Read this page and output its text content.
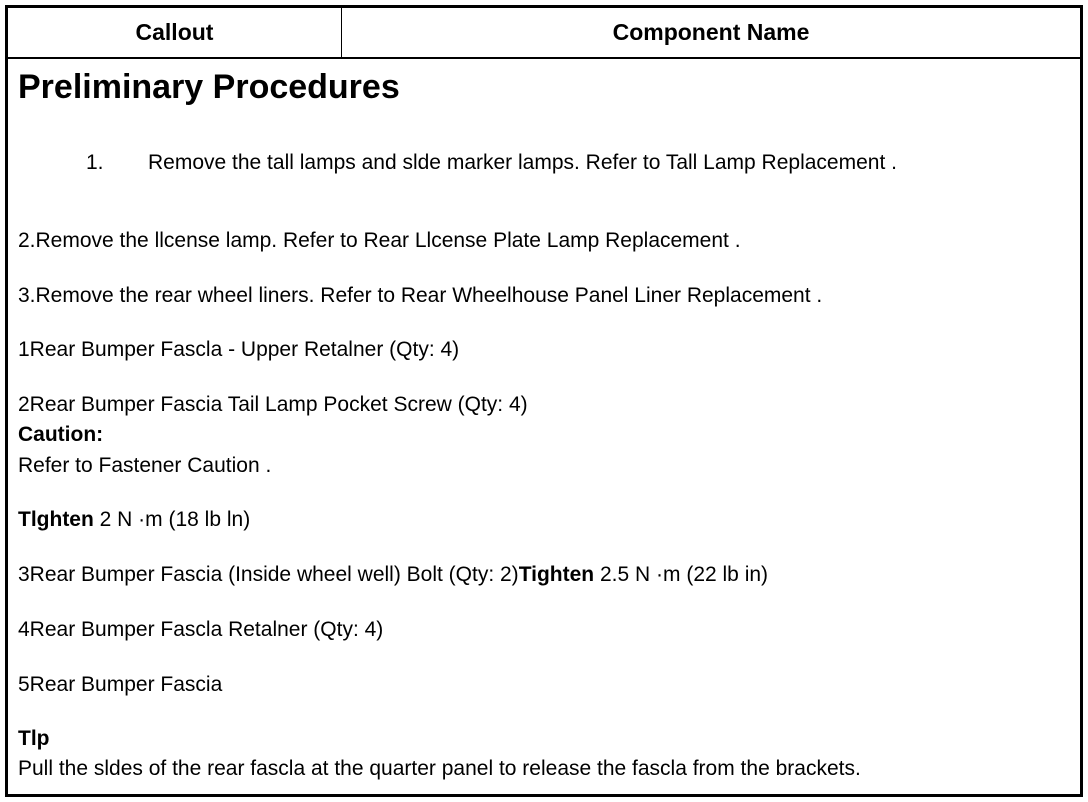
Callout	Component Name
Preliminary Procedures
1.	Remove the tall lamps and slde marker lamps. Refer to Tall Lamp Replacement .
2.Remove the llcense lamp. Refer to Rear Llcense Plate Lamp Replacement .
3.Remove the rear wheel liners. Refer to Rear Wheelhouse Panel Liner Replacement .
1Rear Bumper Fascla - Upper Retalner (Qty: 4)
2Rear Bumper Fascia Tail Lamp Pocket Screw (Qty: 4)
Caution:
Refer to Fastener Caution .
Tlghten 2 N ·m (18 lb ln)
3Rear Bumper Fascia (Inside wheel well) Bolt (Qty: 2)Tighten 2.5 N ·m (22 lb in)
4Rear Bumper Fascla Retalner (Qty: 4)
5Rear Bumper Fascia
Tlp
Pull the sldes of the rear fascla at the quarter panel to release the fascla from the brackets.
